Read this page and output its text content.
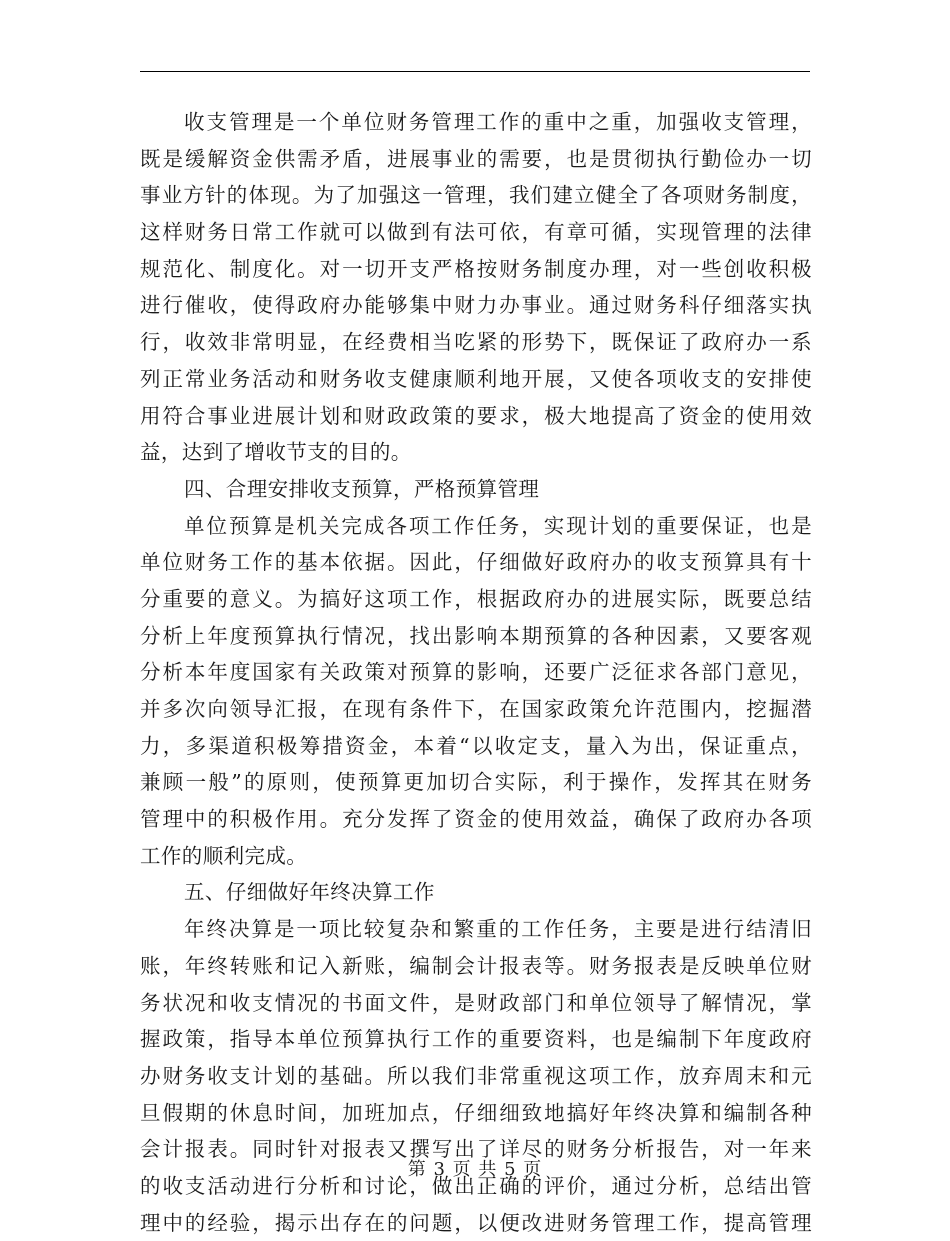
收支管理是一个单位财务管理工作的重中之重，加强收支管理，
既是缓解资金供需矛盾，进展事业的需要，也是贯彻执行勤俭办一切
事业方针的体现。为了加强这一管理，我们建立健全了各项财务制度，
这样财务日常工作就可以做到有法可依，有章可循，实现管理的法律
规范化、制度化。对一切开支严格按财务制度办理，对一些创收积极
进行催收，使得政府办能够集中财力办事业。通过财务科仔细落实执
行，收效非常明显，在经费相当吃紧的形势下，既保证了政府办一系
列正常业务活动和财务收支健康顺利地开展，又使各项收支的安排使
用符合事业进展计划和财政政策的要求，极大地提高了资金的使用效
益，达到了增收节支的目的。
四、合理安排收支预算，严格预算管理
单位预算是机关完成各项工作任务，实现计划的重要保证，也是
单位财务工作的基本依据。因此，仔细做好政府办的收支预算具有十
分重要的意义。为搞好这项工作，根据政府办的进展实际，既要总结
分析上年度预算执行情况，找出影响本期预算的各种因素，又要客观
分析本年度国家有关政策对预算的影响，还要广泛征求各部门意见，
并多次向领导汇报，在现有条件下，在国家政策允许范围内，挖掘潜
力，多渠道积极筹措资金，本着“以收定支，量入为出，保证重点，
兼顾一般”的原则，使预算更加切合实际，利于操作，发挥其在财务
管理中的积极作用。充分发挥了资金的使用效益，确保了政府办各项
工作的顺利完成。
五、仔细做好年终决算工作
年终决算是一项比较复杂和繁重的工作任务，主要是进行结清旧
账，年终转账和记入新账，编制会计报表等。财务报表是反映单位财
务状况和收支情况的书面文件，是财政部门和单位领导了解情况，掌
握政策，指导本单位预算执行工作的重要资料，也是编制下年度政府
办财务收支计划的基础。所以我们非常重视这项工作，放弃周末和元
旦假期的休息时间，加班加点，仔细细致地搞好年终决算和编制各种
会计报表。同时针对报表又撰写出了详尽的财务分析报告，对一年来
的收支活动进行分析和讨论，做出正确的评价，通过分析，总结出管
理中的经验，揭示出存在的问题，以便改进财务管理工作，提高管理
第 3 页 共 5 页
